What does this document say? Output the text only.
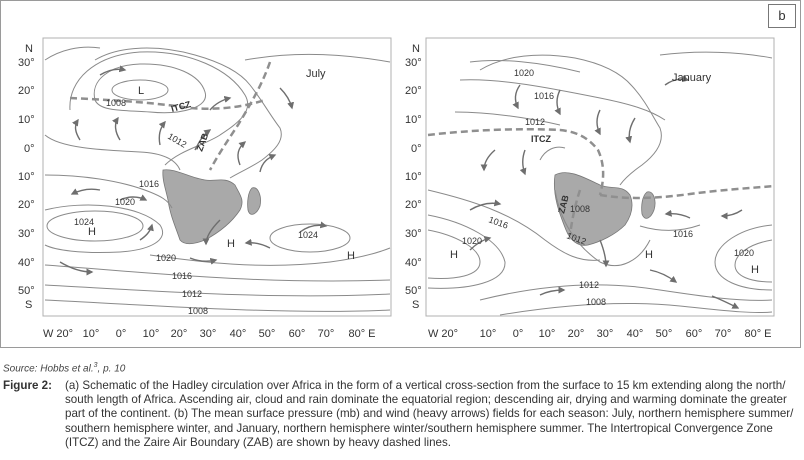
b
N
30°
20°
10°
0°
10°
20°
30°
40°
50°
S
W 20° 10° 0° 10° 20° 30° 40° 50° 60° 70° 80° E
July
1008
1012
1016
1020
1024
1024
1020
1016
1012
1008
L
H
H
H
ITCZ
ZAB
N
30°
20°
10°
0°
10°
20°
30°
40°
50°
S
W 20° 10° 0° 10° 20° 30° 40° 50° 60° 70° 80° E
January
1020
1016
1012
1008
1016
1020	1012	1016
1020
1012
1008
H	H
H
ITCZ
ZAB
Source: Hobbs et al.$^3$, p. 10
Figure 2:	(a) Schematic of the Hadley circulation over Africa in the form of a vertical cross-section from the surface to 15 km extending along the north/ south length of Africa. Ascending air, cloud and rain dominate the equatorial region; descending air, drying and warming dominate the greater part of the continent. (b) The mean surface pressure (mb) and wind (heavy arrows) fields for each season: July, northern hemisphere summer/ southern hemisphere winter, and January, northern hemisphere winter/southern hemisphere summer. The Intertropical Convergence Zone (ITCZ) and the Zaire Air Boundary (ZAB) are shown by heavy dashed lines.
